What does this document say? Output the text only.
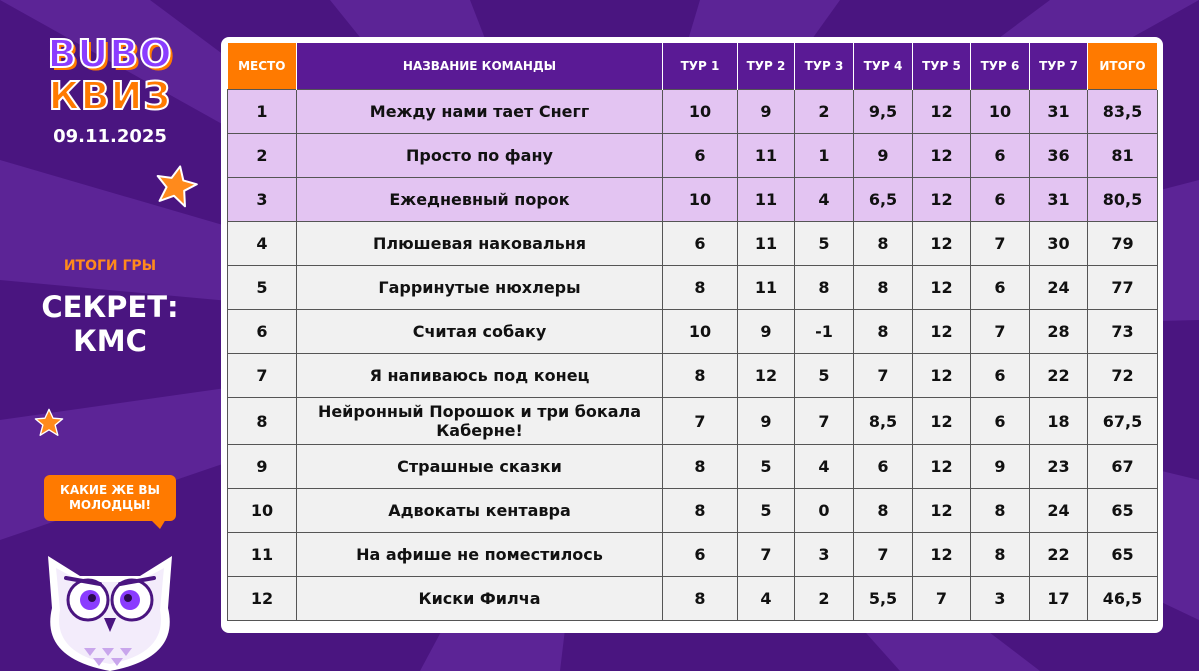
BUBO
КВИЗ
09.11.2025
ИТОГИ ГРЫ
СЕКРЕТ:
КМС
КАКИЕ ЖЕ ВЫ МОЛОДЦЫ!
МЕСТО	НАЗВАНИЕ КОМАНДЫ	ТУР 1	ТУР 2	ТУР 3	ТУР 4	ТУР 5	ТУР 6	ТУР 7	ИТОГО
1	Между нами тает Снегг	10	9	2	9,5	12	10	31	83,5
2	Просто по фану	6	11	1	9	12	6	36	81
3	Ежедневный порок	10	11	4	6,5	12	6	31	80,5
4	Плюшевая наковальня	6	11	5	8	12	7	30	79
5	Гарринутые нюхлеры	8	11	8	8	12	6	24	77
6	Считая собаку	10	9	-1	8	12	7	28	73
7	Я напиваюсь под конец	8	12	5	7	12	6	22	72
8	Нейронный Порошок и три бокала Каберне!	7	9	7	8,5	12	6	18	67,5
9	Страшные сказки	8	5	4	6	12	9	23	67
10	Адвокаты кентавра	8	5	0	8	12	8	24	65
11	На афише не поместилось	6	7	3	7	12	8	22	65
12	Киски Филча	8	4	2	5,5	7	3	17	46,5
